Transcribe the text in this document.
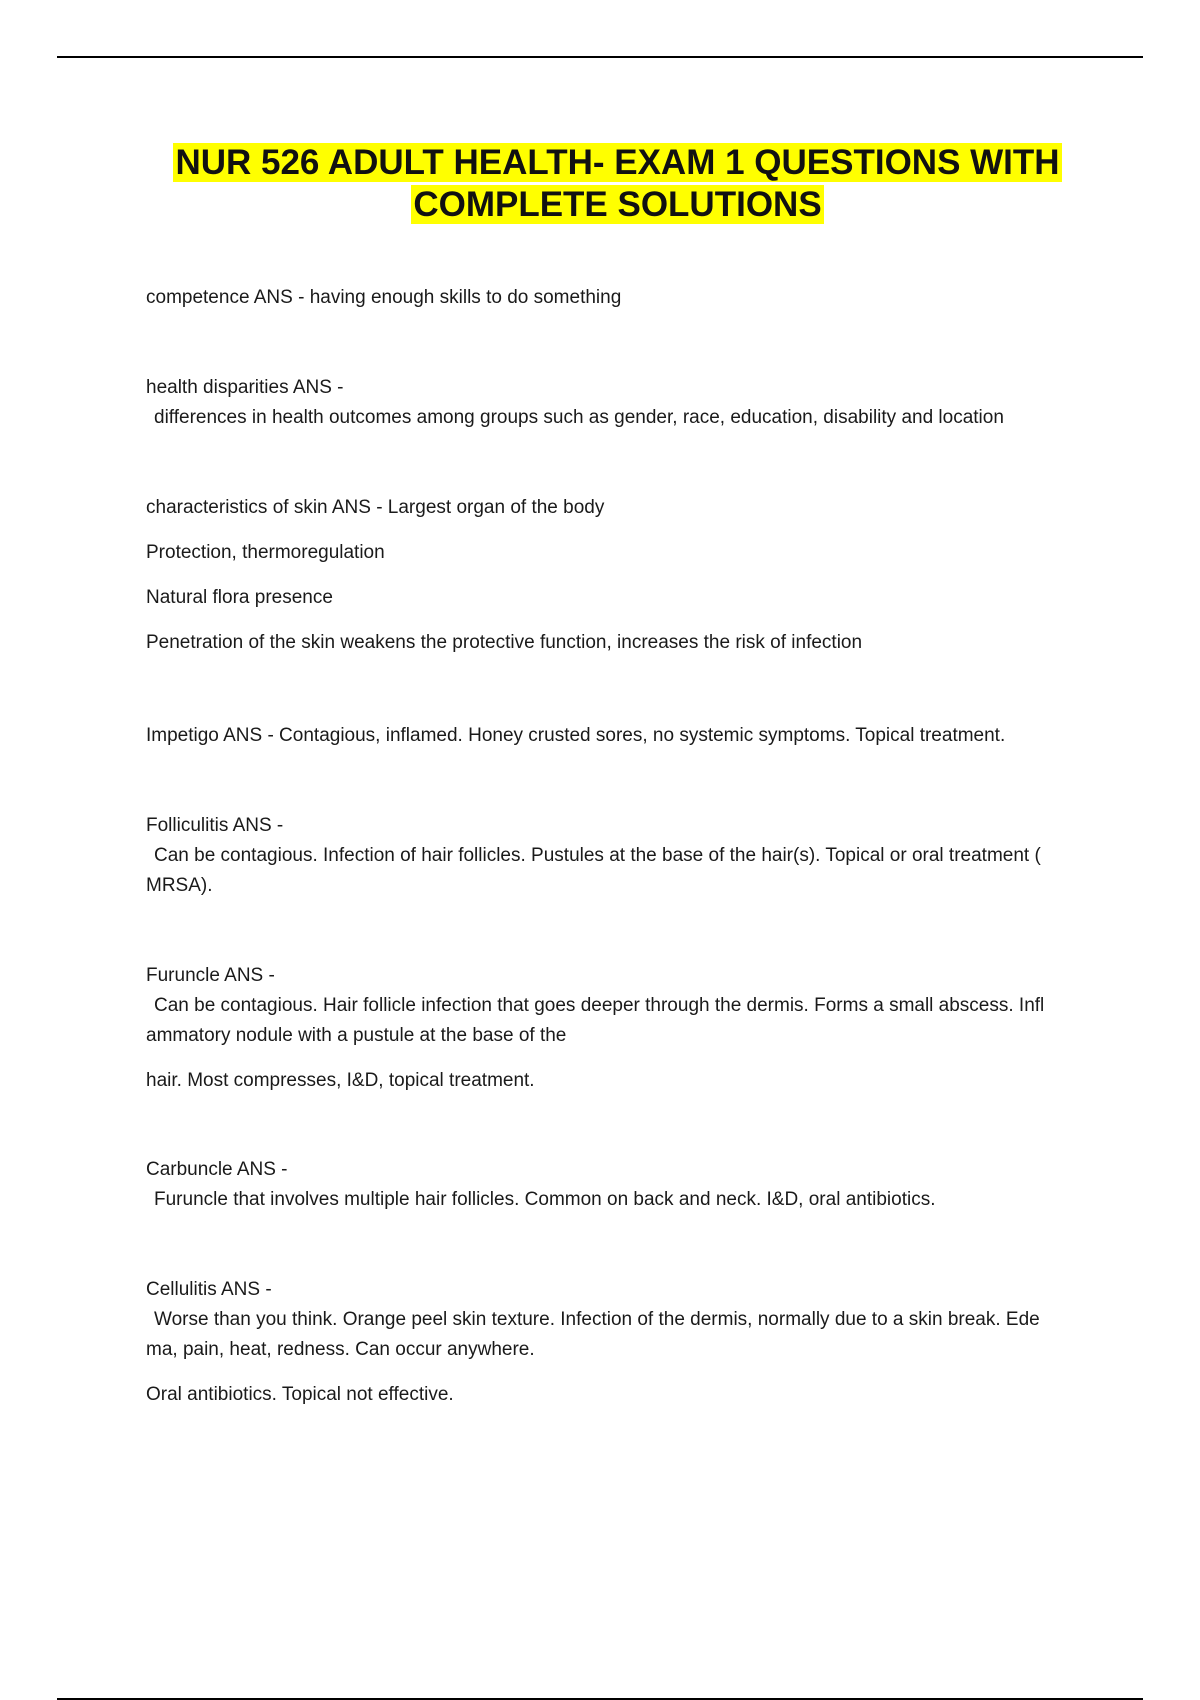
NUR 526 ADULT HEALTH- EXAM 1 QUESTIONS WITH
COMPLETE SOLUTIONS

competence ANS - having enough skills to do something

health disparities ANS -

differences in health outcomes among groups such as gender, race, education, disability and location

characteristics of skin ANS - Largest organ of the body

Protection, thermoregulation

Natural flora presence

Penetration of the skin weakens the protective function, increases the risk of infection

Impetigo ANS - Contagious, inflamed. Honey crusted sores, no systemic symptoms. Topical treatment.

Folliculitis ANS -

Can be contagious. Infection of hair follicles. Pustules at the base of the hair(s). Topical or oral treatment (

MRSA).

Furuncle ANS -

Can be contagious. Hair follicle infection that goes deeper through the dermis. Forms a small abscess. Infl

ammatory nodule with a pustule at the base of the

hair. Most compresses, I&D, topical treatment.

Carbuncle ANS -

Furuncle that involves multiple hair follicles. Common on back and neck. I&D, oral antibiotics.

Cellulitis ANS -

Worse than you think. Orange peel skin texture. Infection of the dermis, normally due to a skin break. Ede

ma, pain, heat, redness. Can occur anywhere.

Oral antibiotics. Topical not effective.
